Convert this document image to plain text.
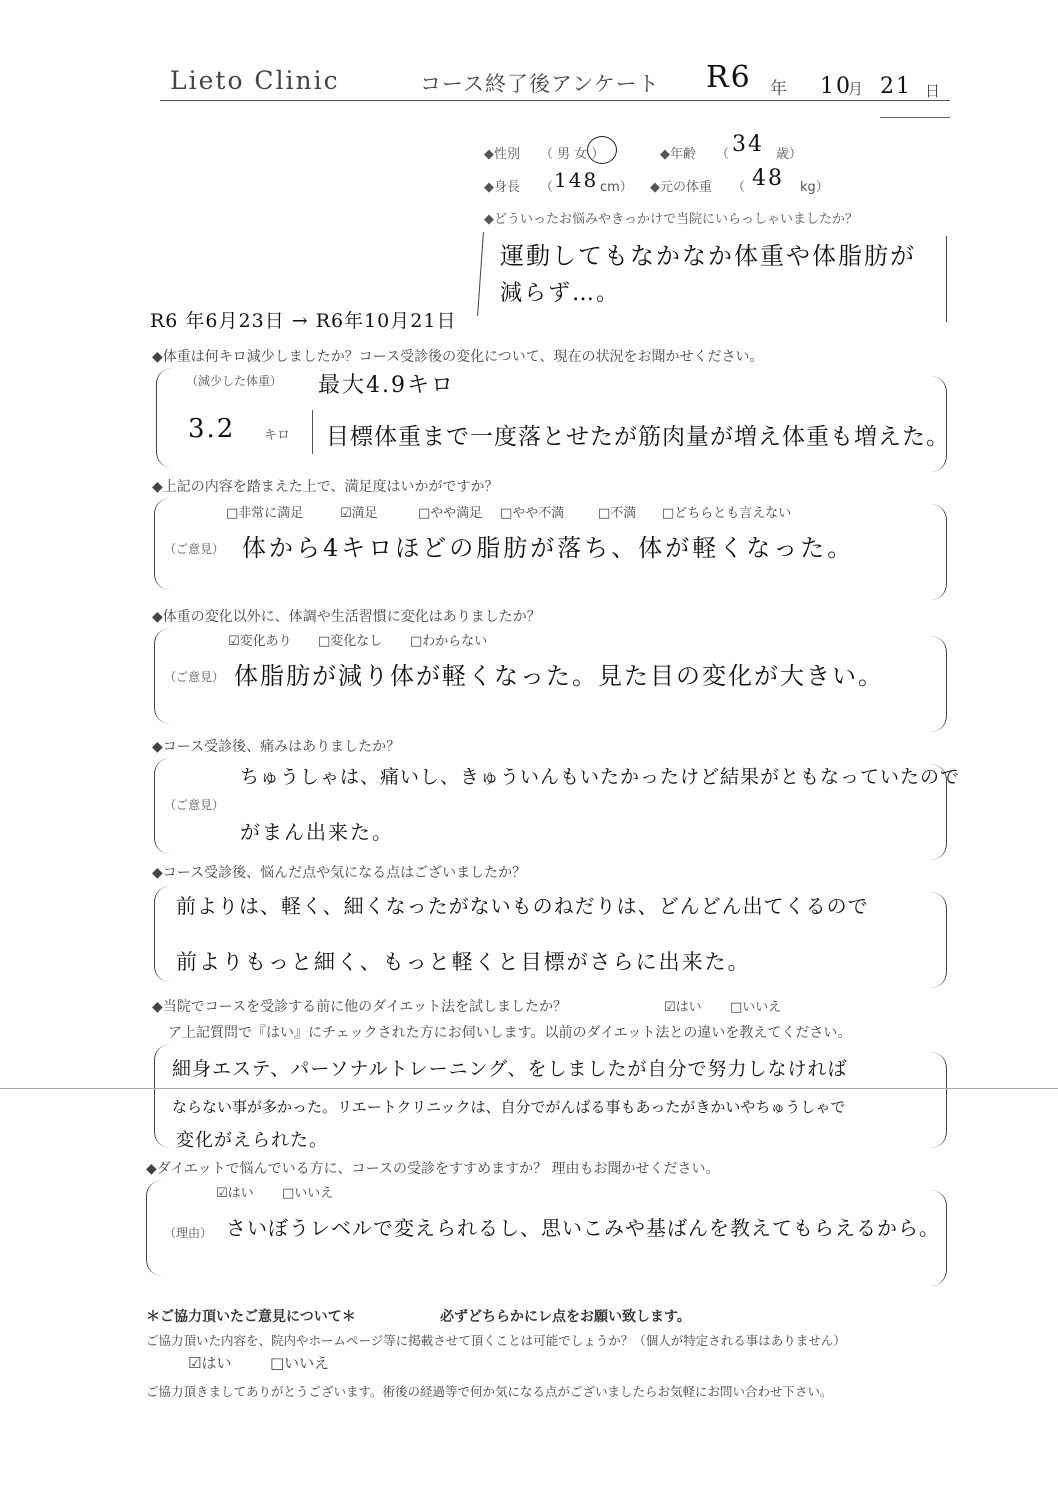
Lieto Clinic	コース終了後アンケート R6 年 10
月 21 日
◆性別 （ 男 女 ）	◆年齢 （ 34 歳）
◆身長 （ 148 cm） ◆元の体重 （ 48 kg）
◆どういったお悩みやきっかけで当院にいらっしゃいましたか？
運動してもなかなか体重や体脂肪が
減らず…。
R6 年6月23日 → R6年10月21日
◆体重は何キロ減少しましたか？コース受診後の変化について、現在の状況をお聞かせください。
（減少した体重） 最大4.9キロ
3.2 キロ 目標体重まで一度落とせたが筋肉量が増え体重も増えた。
◆上記の内容を踏まえた上で、満足度はいかがですか？
□非常に満足	☑満足	□やや満足 □やや不満	□不満 □どちらとも言えない
（ご意見） 体から4キロほどの脂肪が落ち、体が軽くなった。
◆体重の変化以外に、体調や生活習慣に変化はありましたか？
☑変化あり □変化なし □わからない
（ご意見） 体脂肪が減り体が軽くなった。見た目の変化が大きい。
◆コース受診後、痛みはありましたか？
（ご意見）
ちゅうしゃは、痛いし、きゅういんもいたかったけど結果がともなっていたので
がまん出来た。
◆コース受診後、悩んだ点や気になる点はございましたか？
前よりは、軽く、細くなったがないものねだりは、どんどん出てくるので
前よりもっと細く、もっと軽くと目標がさらに出来た。
◆当院でコースを受診する前に他のダイエット法を試しましたか？	☑はい □いいえ
ア上記質問で『はい』にチェックされた方にお伺いします。以前のダイエット法との違いを教えてください。
細身エステ、パーソナルトレーニング、をしましたが自分で努力しなければ
ならない事が多かった。リエートクリニックは、自分でがんばる事もあったがきかいやちゅうしゃで
変化がえられた。
◆ダイエットで悩んでいる方に、コースの受診をすすめますか？ 理由もお聞かせください。
☑はい □いいえ
（理由） さいぼうレベルで変えられるし、思いこみや基ばんを教えてもらえるから。
＊ご協力頂いたご意見について＊	必ずどちらかにレ点をお願い致します。
ご協力頂いた内容を、院内やホームページ等に掲載させて頂くことは可能でしょうか？（個人が特定される事はありません）
☑はい	□いいえ
ご協力頂きましてありがとうございます。術後の経過等で何か気になる点がございましたらお気軽にお問い合わせ下さい。
